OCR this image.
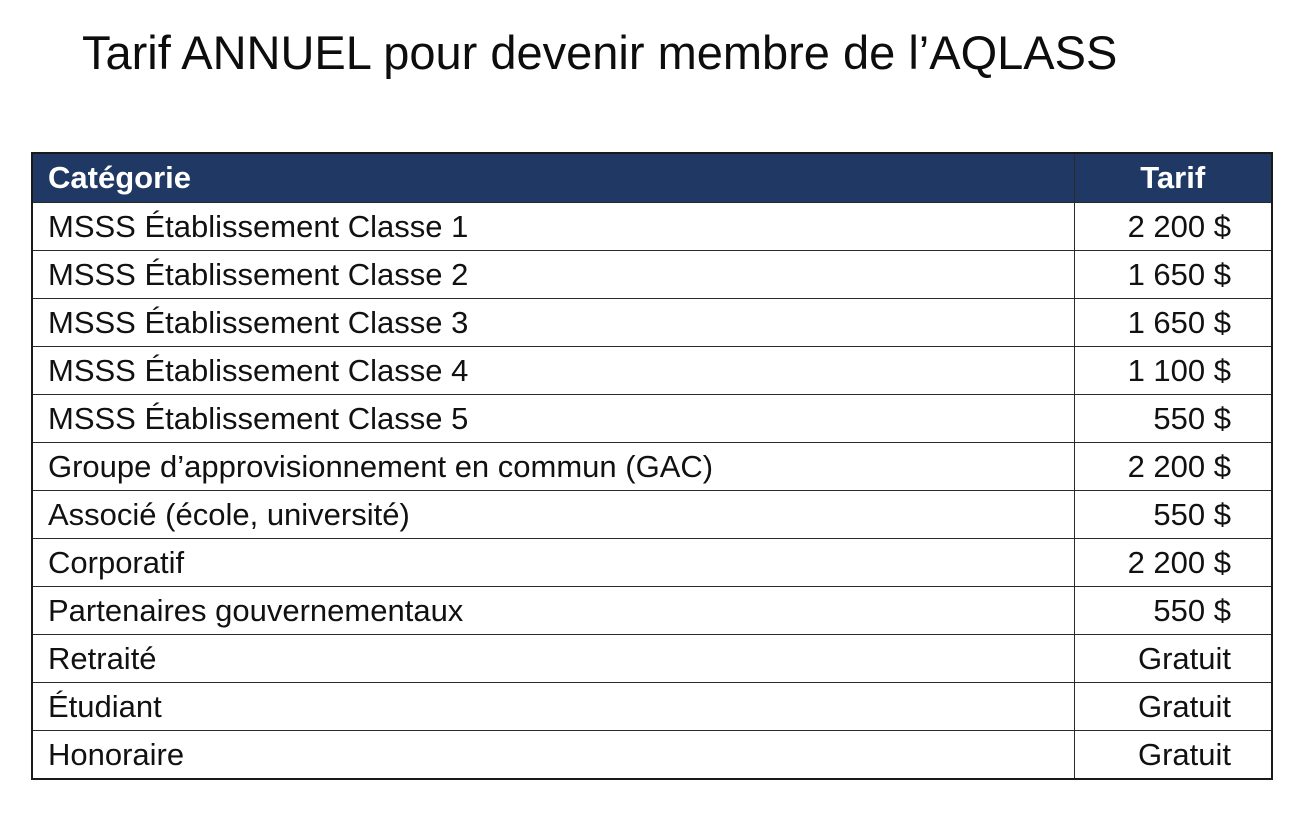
Tarif ANNUEL pour devenir membre de l’AQLASS
Catégorie	Tarif
MSSS Établissement Classe 1	2 200 $
MSSS Établissement Classe 2	1 650 $
MSSS Établissement Classe 3	1 650 $
MSSS Établissement Classe 4	1 100 $
MSSS Établissement Classe 5	550 $
Groupe d’approvisionnement en commun (GAC)	2 200 $
Associé (école, université)	550 $
Corporatif	2 200 $
Partenaires gouvernementaux	550 $
Retraité	Gratuit
Étudiant	Gratuit
Honoraire	Gratuit
